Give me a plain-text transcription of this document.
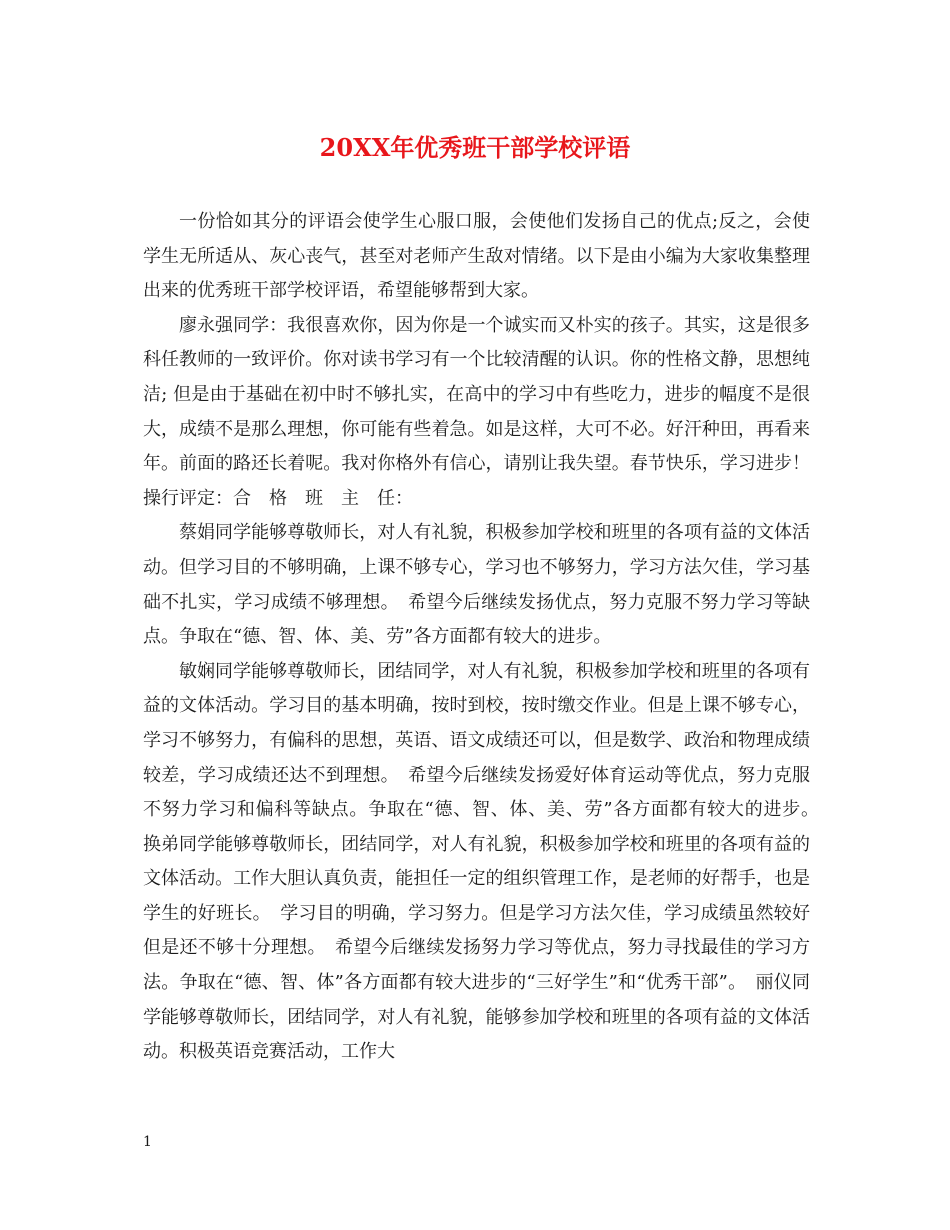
20XX年优秀班干部学校评语

一份恰如其分的评语会使学生心服口服，会使他们发扬自己的优点;反之，会使学生无所适从、灰心丧气，甚至对老师产生敌对情绪。以下是由小编为大家收集整理出来的优秀班干部学校评语，希望能够帮到大家。

廖永强同学：我很喜欢你，因为你是一个诚实而又朴实的孩子。其实，这是很多科任教师的一致评价。你对读书学习有一个比较清醒的认识。你的性格文静，思想纯洁; 但是由于基础在初中时不够扎实，在高中的学习中有些吃力，进步的幅度不是很大，成绩不是那么理想，你可能有些着急。如是这样，大可不必。好汗种田，再看来年。前面的路还长着呢。我对你格外有信心，请别让我失望。春节快乐，学习进步！操行评定：合　格　班　主　任：

蔡娟同学能够尊敬师长，对人有礼貌，积极参加学校和班里的各项有益的文体活动。但学习目的不够明确，上课不够专心，学习也不够努力，学习方法欠佳，学习基础不扎实，学习成绩不够理想。　希望今后继续发扬优点，努力克服不努力学习等缺点。争取在“德、智、体、美、劳”各方面都有较大的进步。

敏娴同学能够尊敬师长，团结同学，对人有礼貌，积极参加学校和班里的各项有益的文体活动。学习目的基本明确，按时到校，按时缴交作业。但是上课不够专心，学习不够努力，有偏科的思想，英语、语文成绩还可以，但是数学、政治和物理成绩较差，学习成绩还达不到理想。　希望今后继续发扬爱好体育运动等优点，努力克服不努力学习和偏科等缺点。争取在“德、智、体、美、劳”各方面都有较大的进步。　换弟同学能够尊敬师长，团结同学，对人有礼貌，积极参加学校和班里的各项有益的文体活动。工作大胆认真负责，能担任一定的组织管理工作，是老师的好帮手，也是学生的好班长。　学习目的明确，学习努力。但是学习方法欠佳，学习成绩虽然较好但是还不够十分理想。　希望今后继续发扬努力学习等优点，努力寻找最佳的学习方法。争取在“德、智、体”各方面都有较大进步的“三好学生”和“优秀干部”。　丽仪同学能够尊敬师长，团结同学，对人有礼貌，能够参加学校和班里的各项有益的文体活动。积极英语竞赛活动，工作大

1
